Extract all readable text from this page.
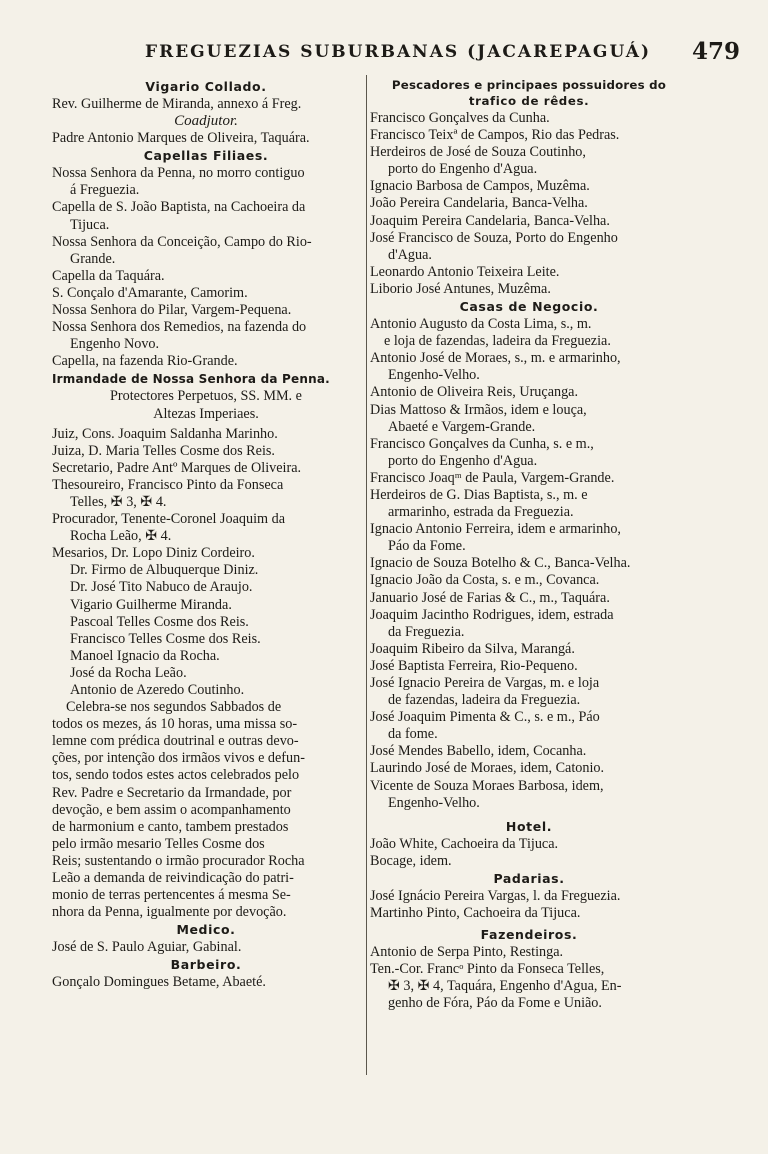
FREGUEZIAS SUBURBANAS (JACAREPAGUÁ)	479
Vigario Collado.
Rev. Guilherme de Miranda, annexo á Freg.
Coadjutor.
Padre Antonio Marques de Oliveira, Taquára.
Capellas Filiaes.
Nossa Senhora da Penna, no morro contiguo
á Freguezia.
Capella de S. João Baptista, na Cachoeira da
Tijuca.
Nossa Senhora da Conceição, Campo do Rio-
Grande.
Capella da Taquára.
S. Conçalo d'Amarante, Camorim.
Nossa Senhora do Pilar, Vargem-Pequena.
Nossa Senhora dos Remedios, na fazenda do
Engenho Novo.
Capella, na fazenda Rio-Grande.
Irmandade de Nossa Senhora da Penna.
Protectores Perpetuos, SS. MM. e
Altezas Imperiaes.
Juiz, Cons. Joaquim Saldanha Marinho.
Juiza, D. Maria Telles Cosme dos Reis.
Secretario, Padre Antº Marques de Oliveira.
Thesoureiro, Francisco Pinto da Fonseca
Telles, ✠ 3, ✠ 4.
Procurador, Tenente-Coronel Joaquim da
Rocha Leão, ✠ 4.
Mesarios, Dr. Lopo Diniz Cordeiro.
Dr. Firmo de Albuquerque Diniz.
Dr. José Tito Nabuco de Araujo.
Vigario Guilherme Miranda.
Pascoal Telles Cosme dos Reis.
Francisco Telles Cosme dos Reis.
Manoel Ignacio da Rocha.
José da Rocha Leão.
Antonio de Azeredo Coutinho.
Celebra-se nos segundos Sabbados de
todos os mezes, ás 10 horas, uma missa so-
lemne com prédica doutrinal e outras devo-
ções, por intenção dos irmãos vivos e defun-
tos, sendo todos estes actos celebrados pelo
Rev. Padre e Secretario da Irmandade, por
devoção, e bem assim o acompanhamento
de harmonium e canto, tambem prestados
pelo irmão mesario Telles Cosme dos
Reis; sustentando o irmão procurador Rocha
Leão a demanda de reivindicação do patri-
monio de terras pertencentes á mesma Se-
nhora da Penna, igualmente por devoção.
Medico.
José de S. Paulo Aguiar, Gabinal.
Barbeiro.
Gonçalo Domingues Betame, Abaeté.
Pescadores e principaes possuidores do
trafico de rêdes.
Francisco Gonçalves da Cunha.
Francisco Teixª de Campos, Rio das Pedras.
Herdeiros de José de Souza Coutinho,
porto do Engenho d'Agua.
Ignacio Barbosa de Campos, Muzêma.
João Pereira Candelaria, Banca-Velha.
Joaquim Pereira Candelaria, Banca-Velha.
José Francisco de Souza, Porto do Engenho
d'Agua.
Leonardo Antonio Teixeira Leite.
Liborio José Antunes, Muzêma.
Casas de Negocio.
Antonio Augusto da Costa Lima, s., m.
e loja de fazendas, ladeira da Freguezia.
Antonio José de Moraes, s., m. e armarinho,
Engenho-Velho.
Antonio de Oliveira Reis, Uruçanga.
Dias Mattoso & Irmãos, idem e louça,
Abaeté e Vargem-Grande.
Francisco Gonçalves da Cunha, s. e m.,
porto do Engenho d'Agua.
Francisco Joaqᵐ de Paula, Vargem-Grande.
Herdeiros de G. Dias Baptista, s., m. e
armarinho, estrada da Freguezia.
Ignacio Antonio Ferreira, idem e armarinho,
Páo da Fome.
Ignacio de Souza Botelho & C., Banca-Velha.
Ignacio João da Costa, s. e m., Covanca.
Januario José de Farias & C., m., Taquára.
Joaquim Jacintho Rodrigues, idem, estrada
da Freguezia.
Joaquim Ribeiro da Silva, Marangá.
José Baptista Ferreira, Rio-Pequeno.
José Ignacio Pereira de Vargas, m. e loja
de fazendas, ladeira da Freguezia.
José Joaquim Pimenta & C., s. e m., Páo
da fome.
José Mendes Babello, idem, Cocanha.
Laurindo José de Moraes, idem, Catonio.
Vicente de Souza Moraes Barbosa, idem,
Engenho-Velho.
Hotel.
João White, Cachoeira da Tijuca.
Bocage, idem.
Padarias.
José Ignácio Pereira Vargas, l. da Freguezia.
Martinho Pinto, Cachoeira da Tijuca.
Fazendeiros.
Antonio de Serpa Pinto, Restinga.
Ten.-Cor. Francᵒ Pinto da Fonseca Telles,
✠ 3, ✠ 4, Taquára, Engenho d'Agua, En-
genho de Fóra, Páo da Fome e União.
